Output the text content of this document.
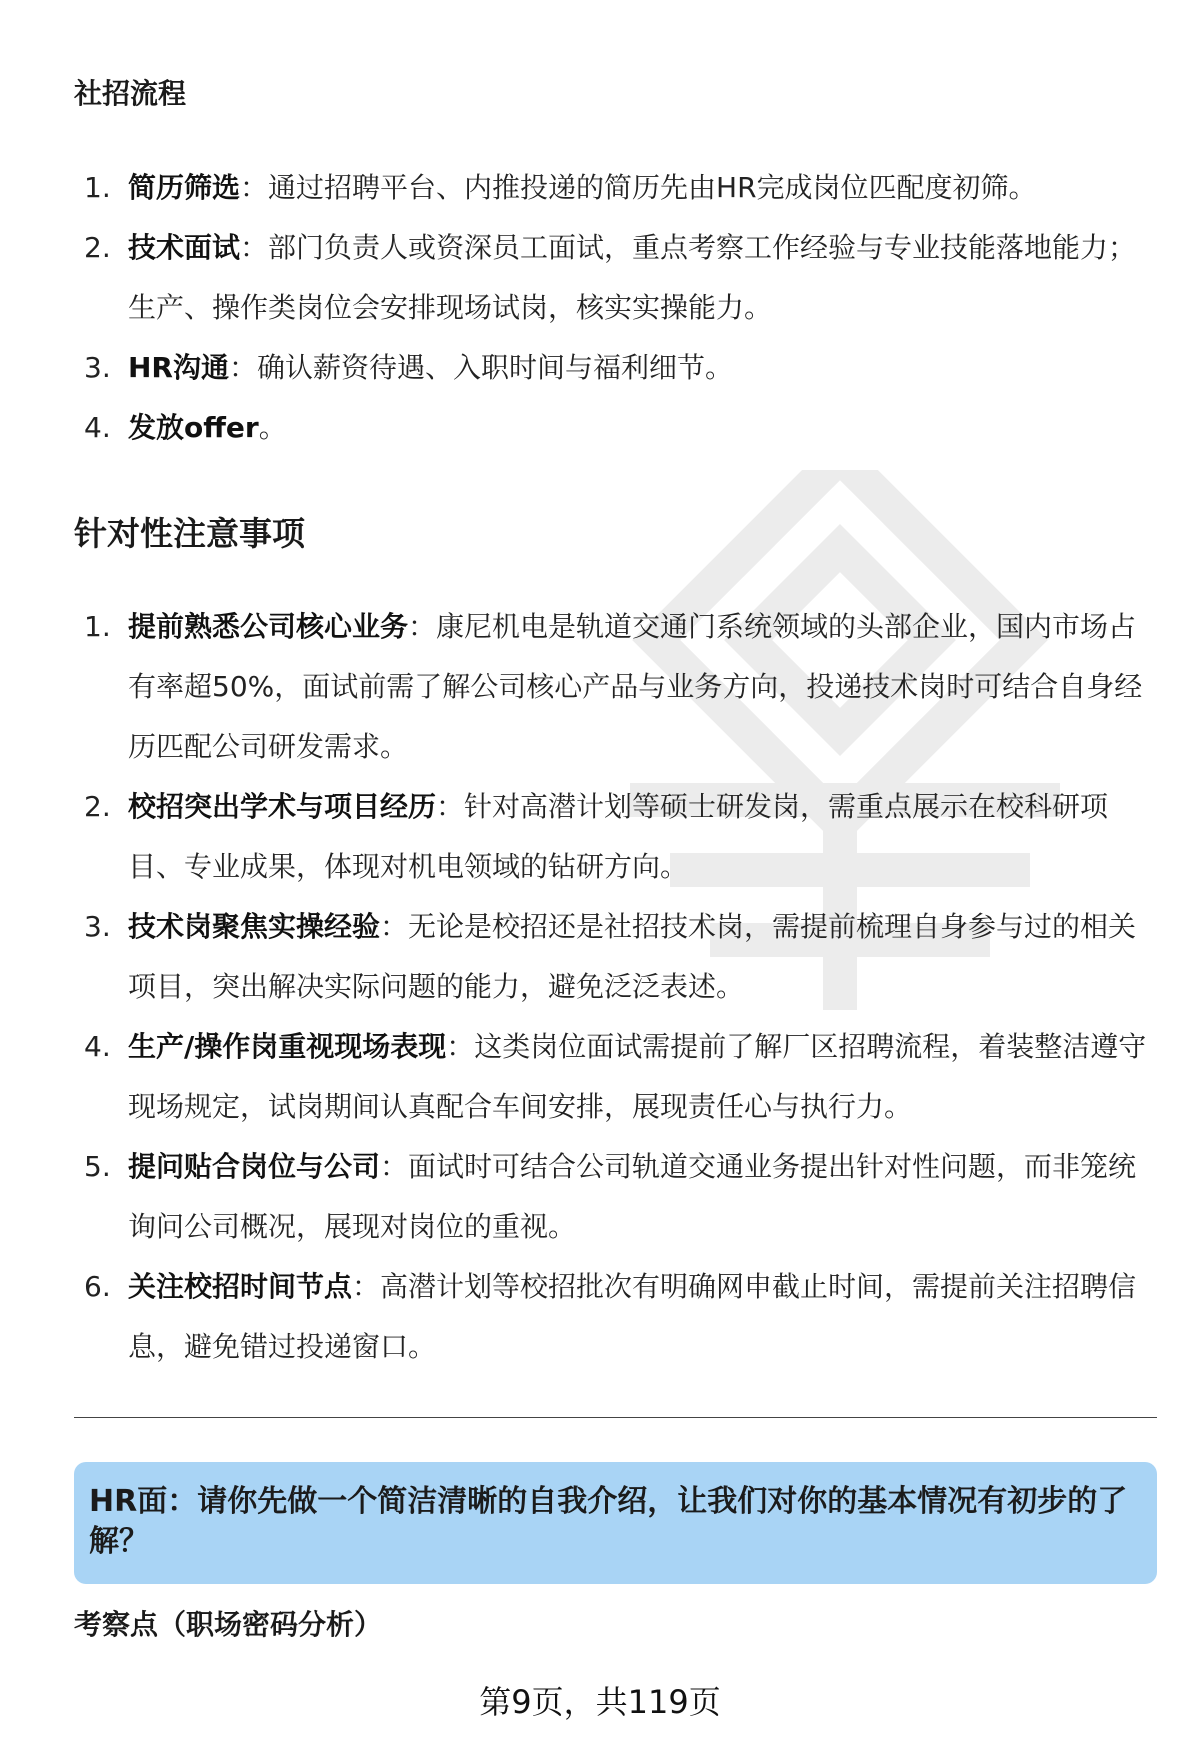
社招流程
1. 简历筛选：通过招聘平台、内推投递的简历先由HR完成岗位匹配度初筛。
2. 技术面试：部门负责人或资深员工面试，重点考察工作经验与专业技能落地能力；生产、操作类岗位会安排现场试岗，核实实操能力。
3. HR沟通：确认薪资待遇、入职时间与福利细节。
4. 发放offer。
针对性注意事项
1. 提前熟悉公司核心业务：康尼机电是轨道交通门系统领域的头部企业，国内市场占有率超50%，面试前需了解公司核心产品与业务方向，投递技术岗时可结合自身经历匹配公司研发需求。
2. 校招突出学术与项目经历：针对高潜计划等硕士研发岗，需重点展示在校科研项目、专业成果，体现对机电领域的钻研方向。
3. 技术岗聚焦实操经验：无论是校招还是社招技术岗，需提前梳理自身参与过的相关项目，突出解决实际问题的能力，避免泛泛表述。
4. 生产/操作岗重视现场表现：这类岗位面试需提前了解厂区招聘流程，着装整洁遵守现场规定，试岗期间认真配合车间安排，展现责任心与执行力。
5. 提问贴合岗位与公司：面试时可结合公司轨道交通业务提出针对性问题，而非笼统询问公司概况，展现对岗位的重视。
6. 关注校招时间节点：高潜计划等校招批次有明确网申截止时间，需提前关注招聘信息，避免错过投递窗口。
HR面：请你先做一个简洁清晰的自我介绍，让我们对你的基本情况有初步的了解？
考察点（职场密码分析）
第9页，共119页
